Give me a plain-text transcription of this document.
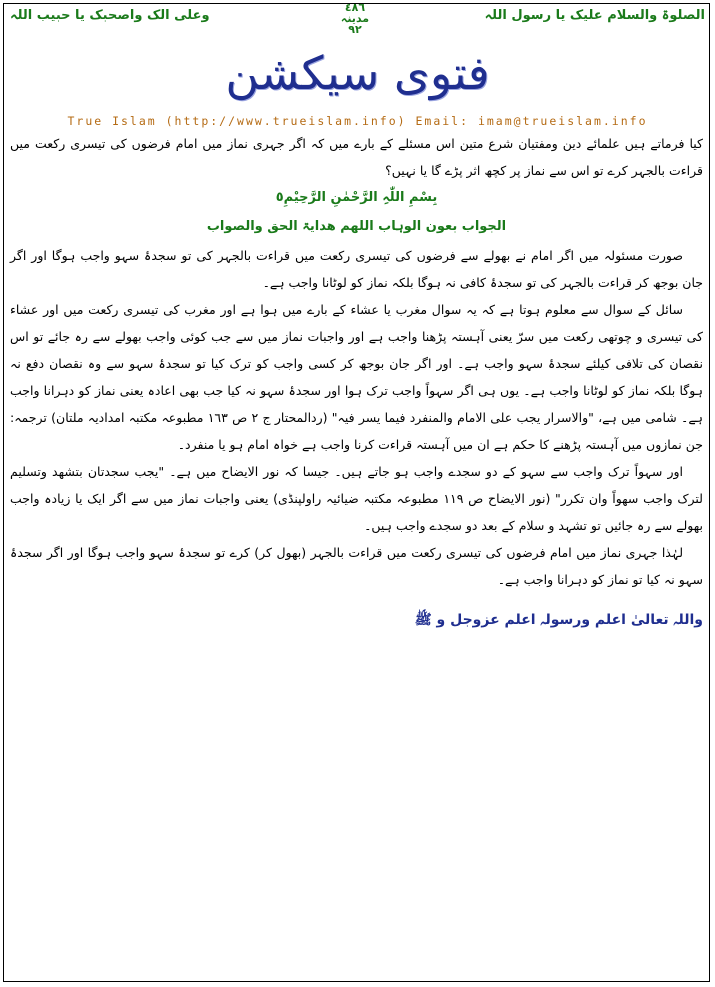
الصلوۃ والسلام علیک یا رسول اللہ
٤٨٦
مدینہ
٩٢
وعلی الک واصحبک یا حبیب اللہ
فتوی سیکشن
True Islam (http://www.trueislam.info) Email: imam@trueislam.info

کیا فرماتے ہیں علمائے دین ومفتیان شرع متین اس مسئلے کے بارے میں کہ اگر جہری نماز میں امام فرضوں کی تیسری رکعت میں قراءت بالجہر کرے تو اس سے نماز پر کچھ اثر پڑے گا یا نہیں؟

بِسْمِ اللّٰہِ الرَّحْمٰنِ الرَّحِیْمِ٥

الجواب بعون الوہاب اللھم ھدایۃ الحق والصواب

صورت مسئولہ میں اگر امام نے بھولے سے فرضوں کی تیسری رکعت میں قراءت بالجہر کی تو سجدۂ سہو واجب ہوگا اور اگر جان بوجھ کر قراءت بالجہر کی تو سجدۂ کافی نہ ہوگا بلکہ نماز کو لوٹانا واجب ہے۔

سائل کے سوال سے معلوم ہوتا ہے کہ یہ سوال مغرب یا عشاء کے بارے میں ہوا ہے اور مغرب کی تیسری رکعت میں اور عشاء کی تیسری و چوتھی رکعت میں سرّ یعنی آہستہ پڑھنا واجب ہے اور واجبات نماز میں سے جب کوئی واجب بھولے سے رہ جائے تو اس نقصان کی تلافی کیلئے سجدۂ سہو واجب ہے۔ اور اگر جان بوجھ کر کسی واجب کو ترک کیا تو سجدۂ سہو سے وہ نقصان دفع نہ ہوگا بلکہ نماز کو لوٹانا واجب ہے۔ یوں ہی اگر سہواً واجب ترک ہوا اور سجدۂ سہو نہ کیا جب بھی اعادہ یعنی نماز کو دہرانا واجب ہے۔ شامی میں ہے، "والاسرار یجب علی الامام والمنفرد فیما یسر فیہ" (ردالمحتار ج ٢ ص ١٦٣ مطبوعہ مکتبہ امدادیہ ملتان) ترجمہ: جن نمازوں میں آہستہ پڑھنے کا حکم ہے ان میں آہستہ قراءت کرنا واجب ہے خواہ امام ہو یا منفرد۔

اور سہواً ترک واجب سے سہو کے دو سجدے واجب ہو جاتے ہیں۔ جیسا کہ نور الایضاح میں ہے۔ "یجب سجدتان بتشھد وتسلیم لترک واجب سھواً وان تکرر" (نور الایضاح ص ١١٩ مطبوعہ مکتبہ ضیائیہ راولپنڈی) یعنی واجبات نماز میں سے اگر ایک یا زیادہ واجب بھولے سے رہ جائیں تو تشہد و سلام کے بعد دو سجدے واجب ہیں۔

لہٰذا جہری نماز میں امام فرضوں کی تیسری رکعت میں قراءت بالجہر (بھول کر) کرے تو سجدۂ سہو واجب ہوگا اور اگر سجدۂ سہو نہ کیا تو نماز کو دہرانا واجب ہے۔

واللہ تعالیٰ اعلم ورسولہ اعلم عزوجل و ﷺ
